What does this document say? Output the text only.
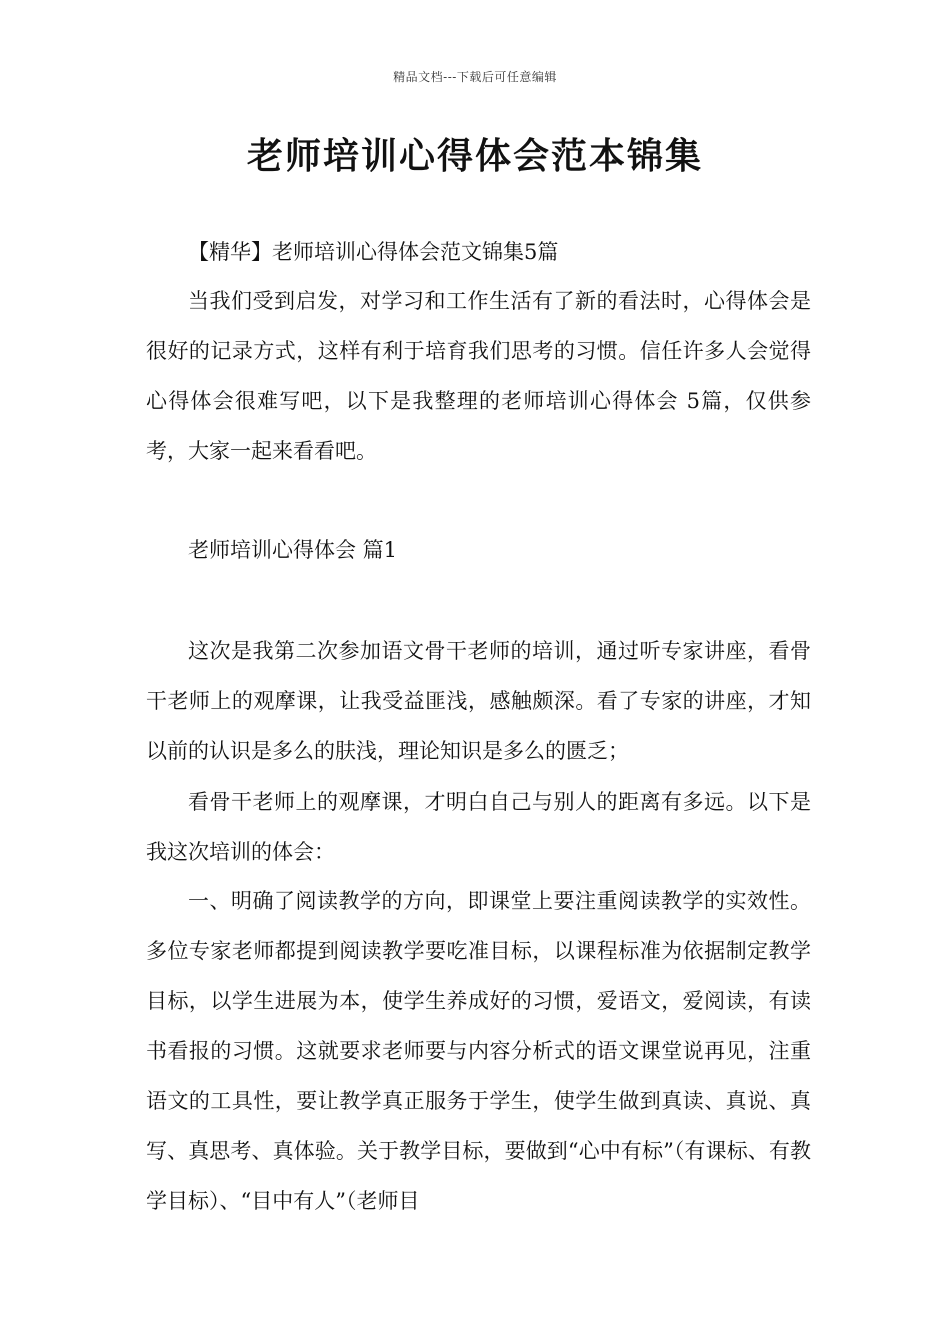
精品文档---下载后可任意编辑
老师培训心得体会范本锦集

【精华】老师培训心得体会范文锦集5篇

当我们受到启发，对学习和工作生活有了新的看法时，心得体会是很好的记录方式，这样有利于培育我们思考的习惯。信任许多人会觉得心得体会很难写吧，以下是我整理的老师培训心得体会 5篇，仅供参考，大家一起来看看吧。

老师培训心得体会 篇1

这次是我第二次参加语文骨干老师的培训，通过听专家讲座，看骨干老师上的观摩课，让我受益匪浅，感触颇深。看了专家的讲座，才知以前的认识是多么的肤浅，理论知识是多么的匮乏；

看骨干老师上的观摩课，才明白自己与别人的距离有多远。以下是我这次培训的体会：

一、明确了阅读教学的方向，即课堂上要注重阅读教学的实效性。多位专家老师都提到阅读教学要吃准目标，以课程标准为依据制定教学目标，以学生进展为本，使学生养成好的习惯，爱语文，爱阅读，有读书看报的习惯。这就要求老师要与内容分析式的语文课堂说再见，注重语文的工具性，要让教学真正服务于学生，使学生做到真读、真说、真写、真思考、真体验。关于教学目标，要做到“心中有标”（有课标、有教学目标）、“目中有人”（老师目
